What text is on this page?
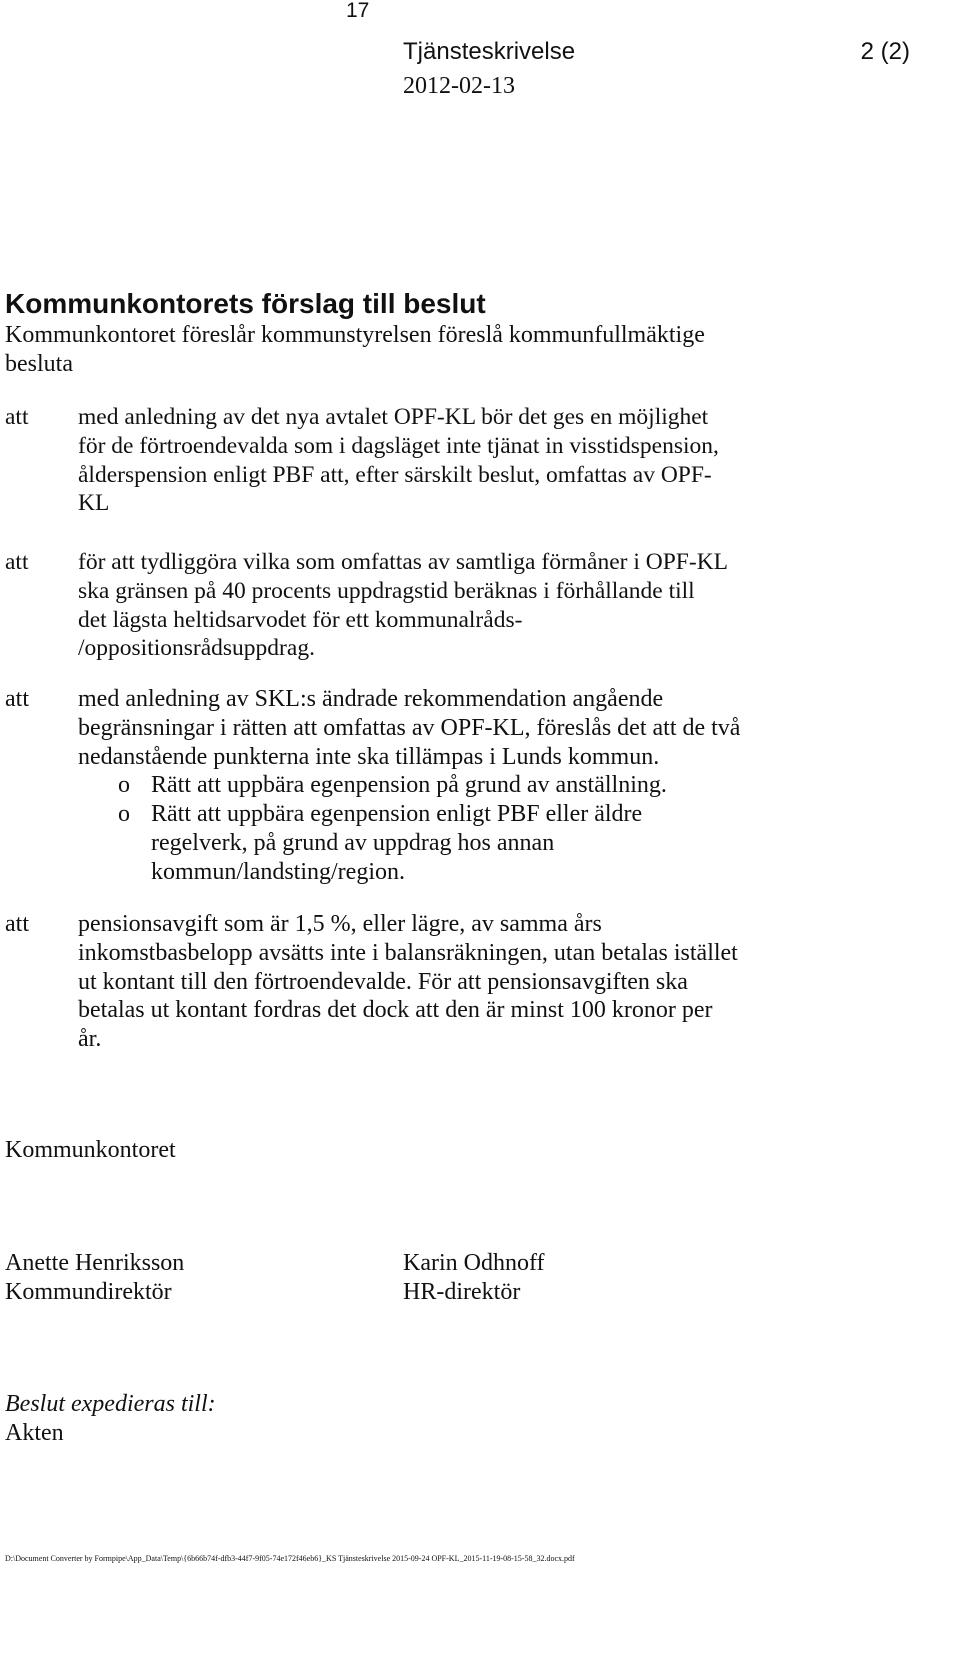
17
Tjänsteskrivelse	2 (2)
2012-02-13
Kommunkontorets förslag till beslut
Kommunkontoret föreslår kommunstyrelsen föreslå kommunfullmäktige
besluta
att med anledning av det nya avtalet OPF-KL bör det ges en möjlighet
för de förtroendevalda som i dagsläget inte tjänat in visstidspension,
ålderspension enligt PBF att, efter särskilt beslut, omfattas av OPF-
KL
att för att tydliggöra vilka som omfattas av samtliga förmåner i OPF-KL
ska gränsen på 40 procents uppdragstid beräknas i förhållande till
det lägsta heltidsarvodet för ett kommunalråds-
/oppositionsrådsuppdrag.
att med anledning av SKL:s ändrade rekommendation angående
begränsningar i rätten att omfattas av OPF-KL, föreslås det att de två
nedanstående punkterna inte ska tillämpas i Lunds kommun.
o Rätt att uppbära egenpension på grund av anställning.
o Rätt att uppbära egenpension enligt PBF eller äldre
regelverk, på grund av uppdrag hos annan
kommun/landsting/region.
att pensionsavgift som är 1,5 %, eller lägre, av samma års
inkomstbasbelopp avsätts inte i balansräkningen, utan betalas istället
ut kontant till den förtroendevalde. För att pensionsavgiften ska
betalas ut kontant fordras det dock att den är minst 100 kronor per
år.
Kommunkontoret
Anette Henriksson
Kommundirektör
Karin Odhnoff
HR-direktör
Beslut expedieras till:
Akten
D:\Document Converter by Formpipe\App_Data\Temp\{6b66b74f-dfb3-44f7-9f05-74e172f46eb6}_KS Tjänsteskrivelse 2015-09-24 OPF-KL_2015-11-19-08-15-58_32.docx.pdf
